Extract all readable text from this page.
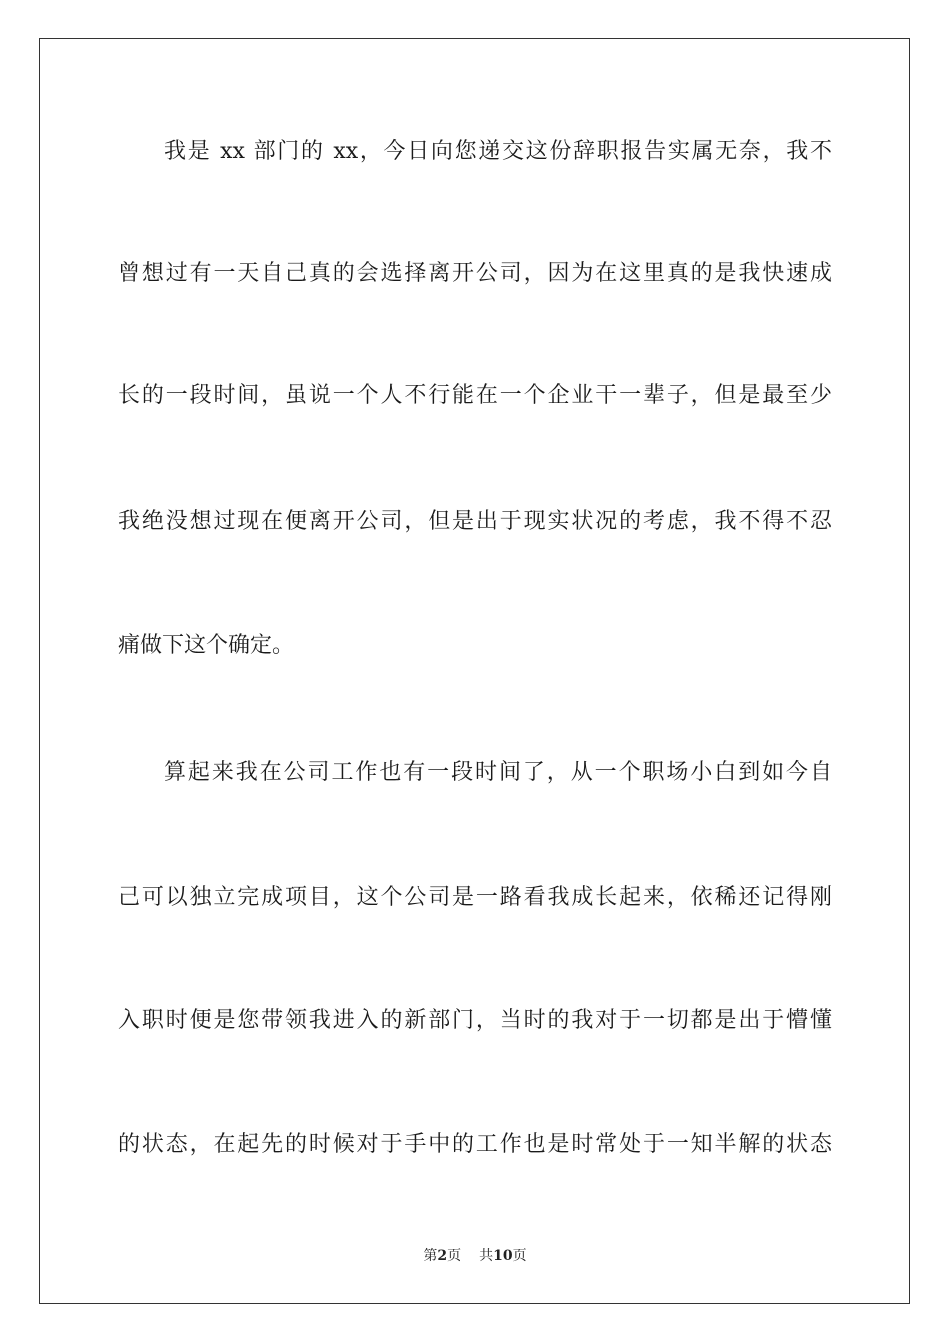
我是 xx 部门的 xx，今日向您递交这份辞职报告实属无奈，我不
曾想过有一天自己真的会选择离开公司，因为在这里真的是我快速成
长的一段时间，虽说一个人不行能在一个企业干一辈子，但是最至少
我绝没想过现在便离开公司，但是出于现实状况的考虑，我不得不忍
痛做下这个确定。
算起来我在公司工作也有一段时间了，从一个职场小白到如今自
己可以独立完成项目，这个公司是一路看我成长起来，依稀还记得刚
入职时便是您带领我进入的新部门，当时的我对于一切都是出于懵懂
的状态，在起先的时候对于手中的工作也是时常处于一知半解的状态
第2页 共10页
